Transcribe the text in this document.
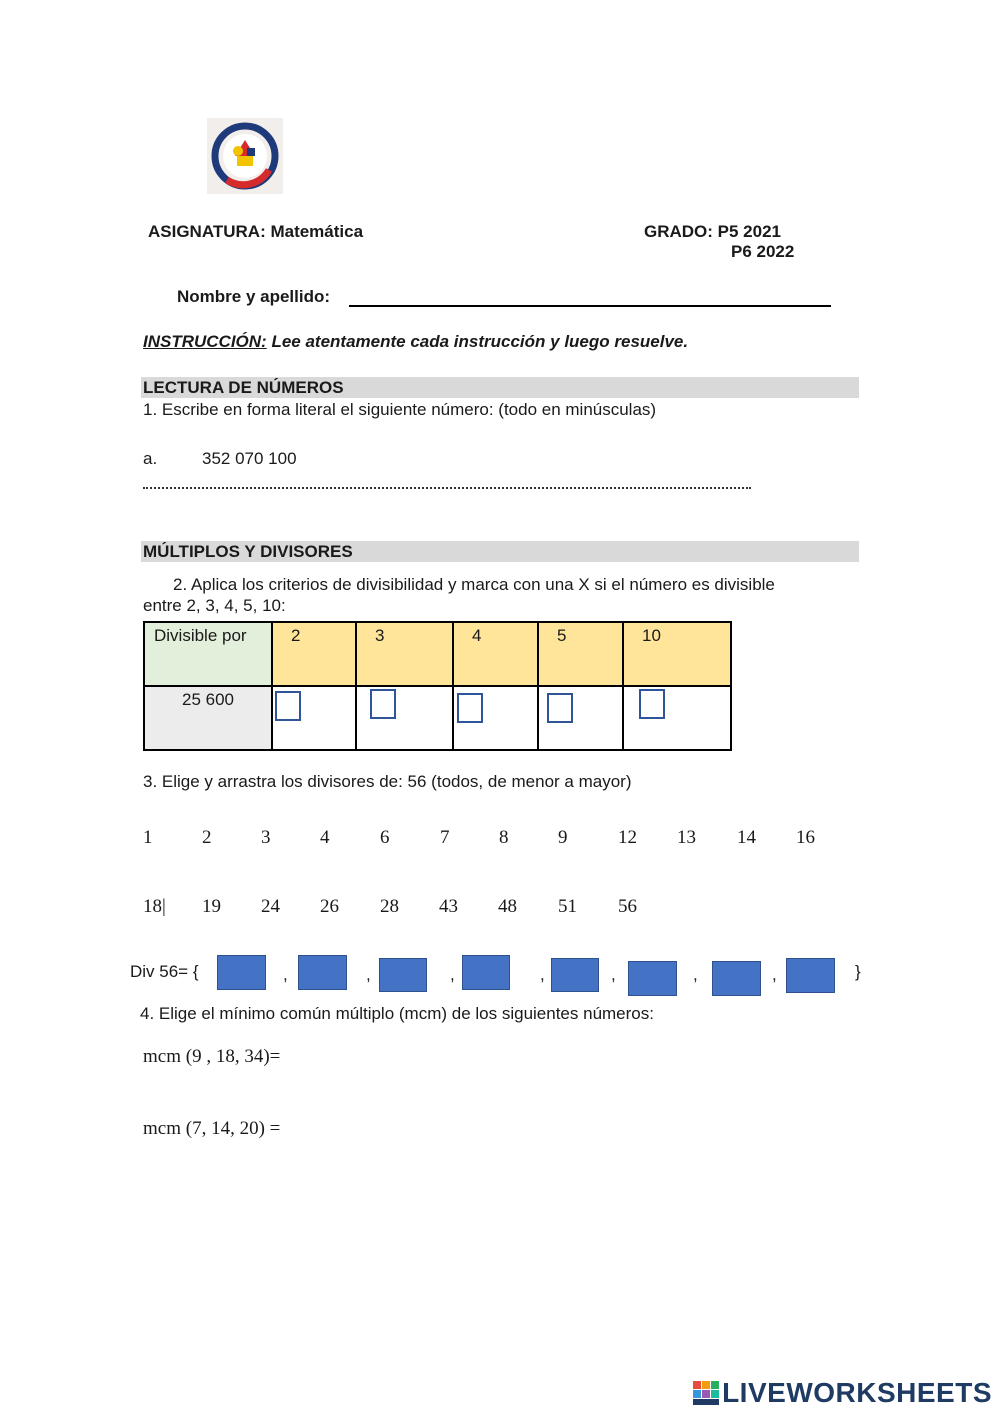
ASIGNATURA: Matemática	GRADO: P5 2021
P6 2022
Nombre y apellido:
INSTRUCCIÓN: Lee atentamente cada instrucción y luego resuelve.
LECTURA DE NÚMEROS
1. Escribe en forma literal el siguiente número: (todo en minúsculas)
a.	352 070 100
MÚLTIPLOS Y DIVISORES
2. Aplica los criterios de divisibilidad y marca con una X si el número es divisible
entre 2, 3, 4, 5, 10:
Divisible por	2	3	4	5	10
25 600					
3. Elige y arrastra los divisores de: 56 (todos, de menor a mayor)
1	2	3	4	6	7	8	9	12 13 14 16
18| 19 24 26 28 43 48 51 56
Div 56= {	,	,	,	,	,	,	,	}
4. Elige el mínimo común múltiplo (mcm) de los siguientes números:
mcm (9 , 18, 34)=
mcm (7, 14, 20) =
LIVEWORKSHEETS
